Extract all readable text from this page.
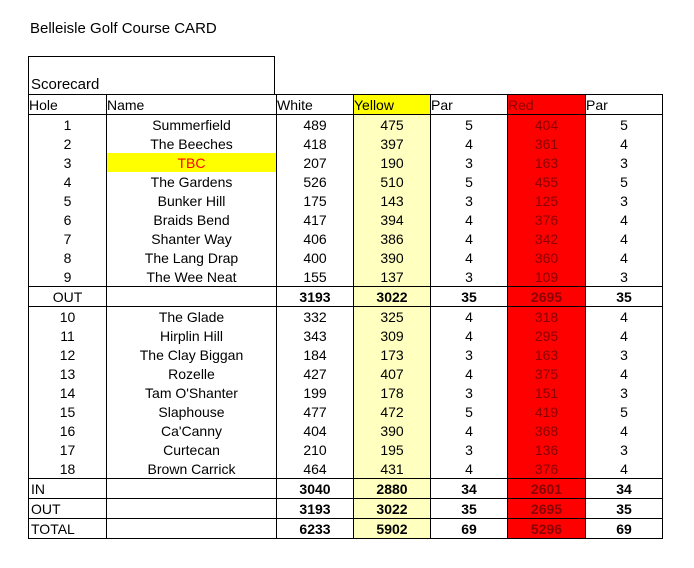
Belleisle Golf Course CARD
Scorecard
Hole	Name	White	Yellow	Par	Red	Par
1	Summerfield	489	475	5	404	5
2	The Beeches	418	397	4	361	4
3	TBC	207	190	3	163	3
4	The Gardens	526	510	5	455	5
5	Bunker Hill	175	143	3	125	3
6	Braids Bend	417	394	4	376	4
7	Shanter Way	406	386	4	342	4
8	The Lang Drap	400	390	4	360	4
9	The Wee Neat	155	137	3	109	3
OUT		3193	3022	35	2695	35
10	The Glade	332	325	4	318	4
11	Hirplin Hill	343	309	4	295	4
12	The Clay Biggan	184	173	3	163	3
13	Rozelle	427	407	4	375	4
14	Tam O'Shanter	199	178	3	151	3
15	Slaphouse	477	472	5	419	5
16	Ca'Canny	404	390	4	368	4
17	Curtecan	210	195	3	136	3
18	Brown Carrick	464	431	4	376	4
IN		3040	2880	34	2601	34
OUT		3193	3022	35	2695	35
TOTAL		6233	5902	69	5296	69
